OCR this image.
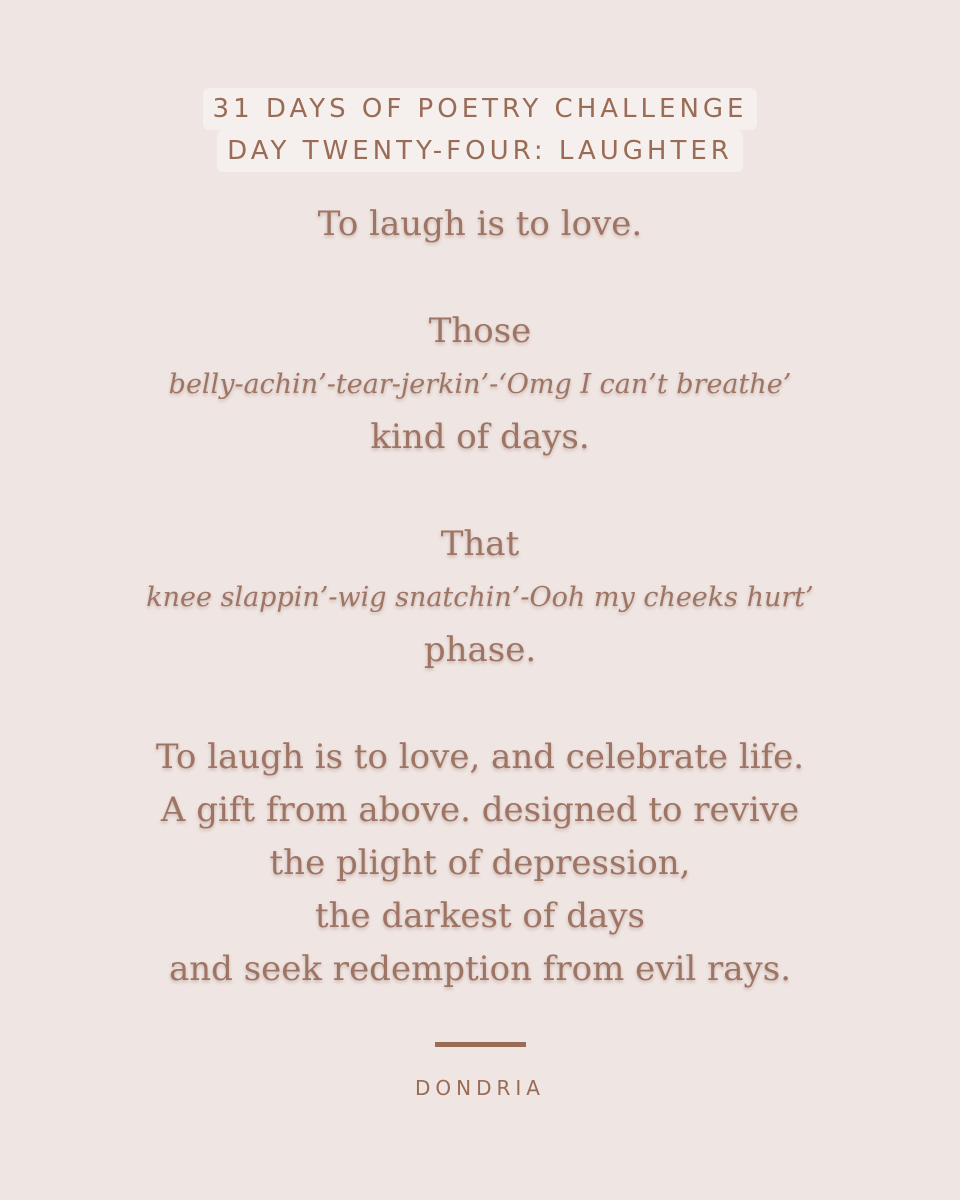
31 DAYS OF POETRY CHALLENGE
DAY TWENTY-FOUR: LAUGHTER
To laugh is to love.
Those
belly-achin’-tear-jerkin’-‘Omg I can’t breathe’
kind of days.
That
knee slappin’-wig snatchin’-Ooh my cheeks hurt’
phase.
To laugh is to love, and celebrate life.
A gift from above. designed to revive
the plight of depression,
the darkest of days
and seek redemption from evil rays.
DONDRIA
